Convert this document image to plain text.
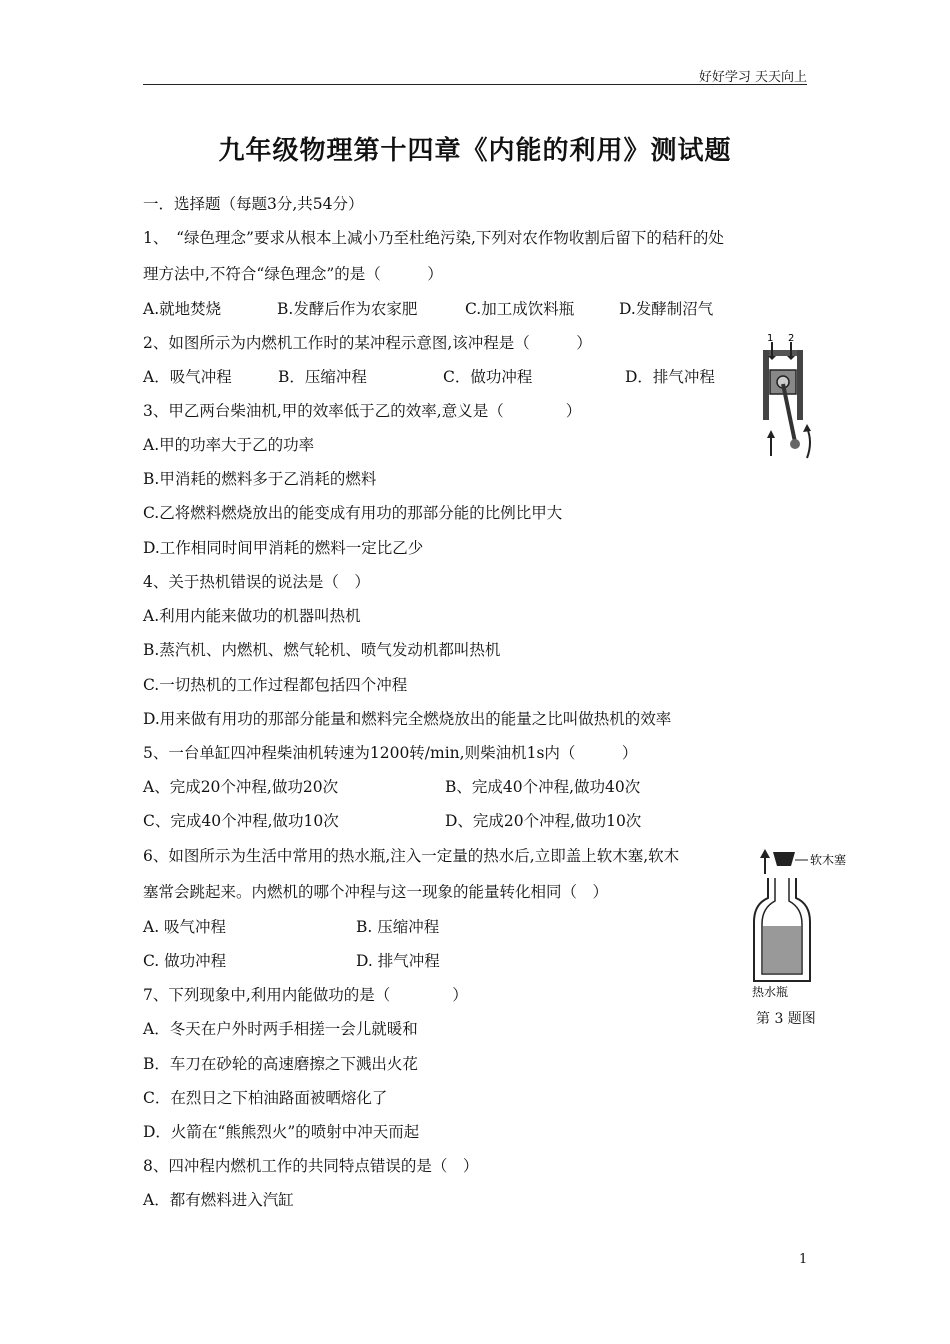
好好学习 天天向上
九年级物理第十四章《内能的利用》测试题
一．选择题（每题3分,共54分）
1、　“绿色理念”要求从根本上减小乃至杜绝污染,下列对农作物收割后留下的秸秆的处
理方法中,不符合“绿色理念”的是（　　　）
A.就地焚烧	B.发酵后作为农家肥	C.加工成饮料瓶	D.发酵制沼气
2、如图所示为内燃机工作时的某冲程示意图,该冲程是（　　　）
A．吸气冲程	B．压缩冲程	C．做功冲程	D．排气冲程
1 2
3、甲乙两台柴油机,甲的效率低于乙的效率,意义是（　　　　）
A.甲的功率大于乙的功率
B.甲消耗的燃料多于乙消耗的燃料
C.乙将燃料燃烧放出的能变成有用功的那部分能的比例比甲大
D.工作相同时间甲消耗的燃料一定比乙少
4、关于热机错误的说法是（　）
A.利用内能来做功的机器叫热机
B.蒸汽机、内燃机、燃气轮机、喷气发动机都叫热机
C.一切热机的工作过程都包括四个冲程
D.用来做有用功的那部分能量和燃料完全燃烧放出的能量之比叫做热机的效率
5、一台单缸四冲程柴油机转速为1200转/min,则柴油机1s内（　　　）
A、完成20个冲程,做功20次	B、完成40个冲程,做功40次
C、完成40个冲程,做功10次	D、完成20个冲程,做功10次
6、如图所示为生活中常用的热水瓶,注入一定量的热水后,立即盖上软木塞,软木
塞常会跳起来。内燃机的哪个冲程与这一现象的能量转化相同（　）
A. 吸气冲程	B. 压缩冲程
C. 做功冲程	D. 排气冲程
软木塞
热水瓶
第 3 题图
7、下列现象中,利用内能做功的是（　　　　）
A．冬天在户外时两手相搓一会儿就暖和
B．车刀在砂轮的高速磨擦之下溅出火花
C．在烈日之下柏油路面被晒熔化了
D．火箭在“熊熊烈火”的喷射中冲天而起
8、四冲程内燃机工作的共同特点错误的是（　）
A．都有燃料进入汽缸
1
